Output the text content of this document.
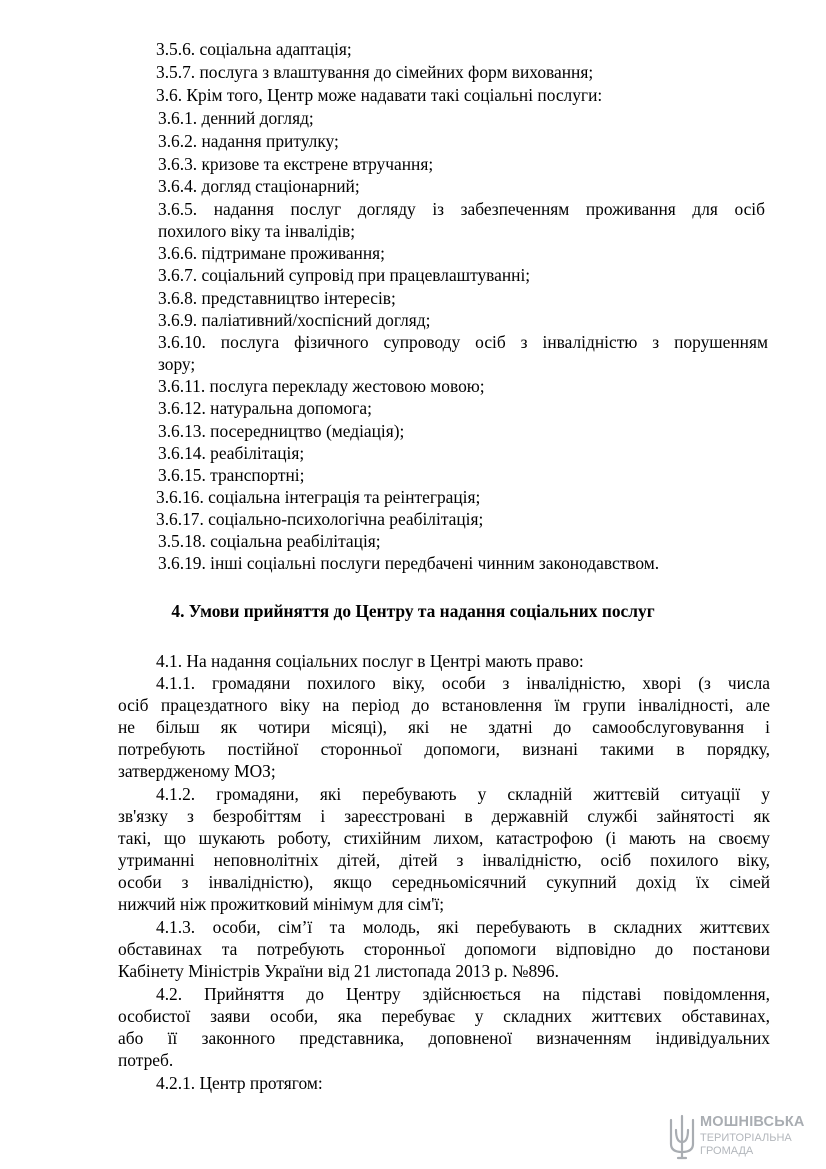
3.5.6. соціальна адаптація;

3.5.7. послуга з влаштування до сімейних форм виховання;

3.6. Крім того, Центр може надавати такі соціальні послуги:

3.6.1. денний догляд;

3.6.2. надання притулку;

3.6.3. кризове та екстрене втручання;

3.6.4. догляд стаціонарний;

3.6.5. надання послуг догляду із забезпеченням проживання для осіб

похилого віку та інвалідів;

3.6.6. підтримане проживання;

3.6.7. соціальний супровід при працевлаштуванні;

3.6.8. представництво інтересів;

3.6.9. паліативний/хоспісний догляд;

3.6.10. послуга фізичного супроводу осіб з інвалідністю з порушенням

зору;

3.6.11. послуга перекладу жестовою мовою;

3.6.12. натуральна допомога;

3.6.13. посередництво (медіація);

3.6.14. реабілітація;

3.6.15. транспортні;

3.6.16. соціальна інтеграція та реінтеграція;

3.6.17. соціально-психологічна реабілітація;

3.5.18. соціальна реабілітація;

3.6.19. інші соціальні послуги передбачені чинним законодавством.

4. Умови прийняття до Центру та надання соціальних послуг

4.1. На надання соціальних послуг в Центрі мають право:

4.1.1. громадяни похилого віку, особи з інвалідністю, хворі (з числа

осіб працездатного віку на період до встановлення їм групи інвалідності, але

не більш як чотири місяці), які не здатні до самообслуговування і

потребують постійної сторонньої допомоги, визнані такими в порядку,

затвердженому МОЗ;

4.1.2. громадяни, які перебувають у складній життєвій ситуації у

зв'язку з безробіттям і зареєстровані в державній службі зайнятості як

такі, що шукають роботу, стихійним лихом, катастрофою (і мають на своєму

утриманні неповнолітніх дітей, дітей з інвалідністю, осіб похилого віку,

особи з інвалідністю), якщо середньомісячний сукупний дохід їх сімей

нижчий ніж прожитковий мінімум для сім'ї;

4.1.3. особи, сім’ї та молодь, які перебувають в складних життєвих

обставинах та потребують сторонньої допомоги відповідно до постанови

Кабінету Міністрів України від 21 листопада 2013 р. №896.

4.2. Прийняття до Центру здійснюється на підставі повідомлення,

особистої заяви особи, яка перебуває у складних життєвих обставинах,

або її законного представника, доповненої визначенням індивідуальних

потреб.

4.2.1. Центр протягом:

МОШНІВСЬКА
ТЕРИТОРІАЛЬНА
ГРОМАДА
